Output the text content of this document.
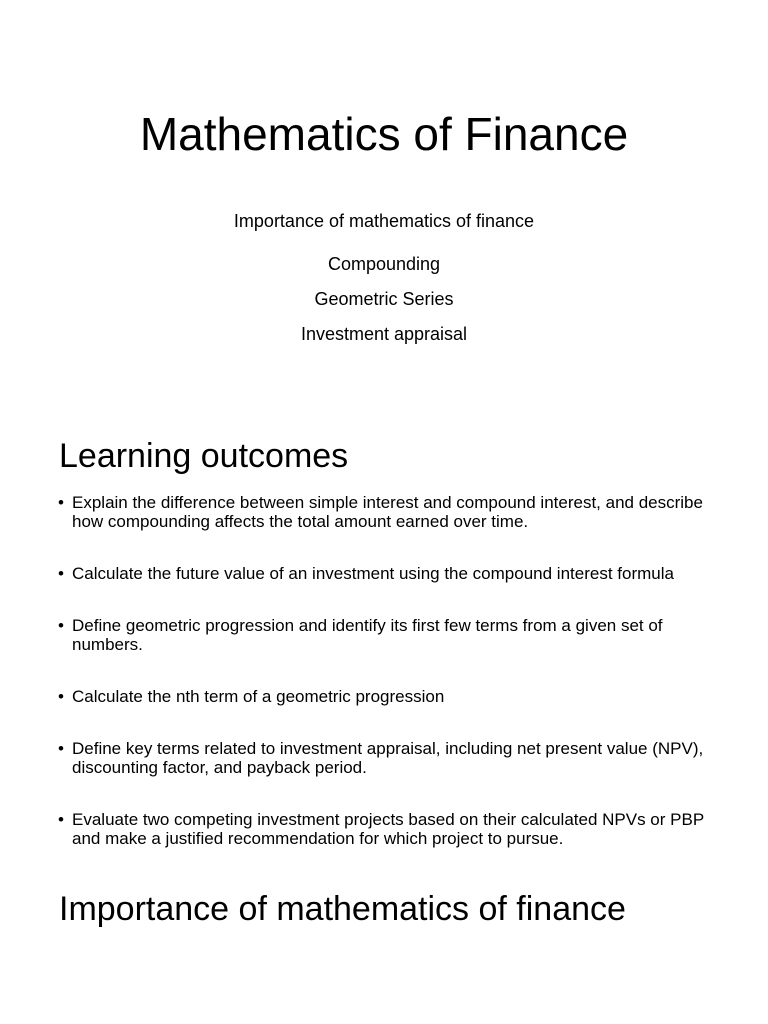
Mathematics of Finance
Importance of mathematics of finance
Compounding
Geometric Series
Investment appraisal
Learning outcomes
• Explain the difference between simple interest and compound interest, and describe how compounding affects the total amount earned over time.
• Calculate the future value of an investment using the compound interest formula
• Define geometric progression and identify its first few terms from a given set of numbers.
• Calculate the nth term of a geometric progression
• Define key terms related to investment appraisal, including net present value (NPV), discounting factor, and payback period.
• Evaluate two competing investment projects based on their calculated NPVs or PBP and make a justified recommendation for which project to pursue.
Importance of mathematics of finance
